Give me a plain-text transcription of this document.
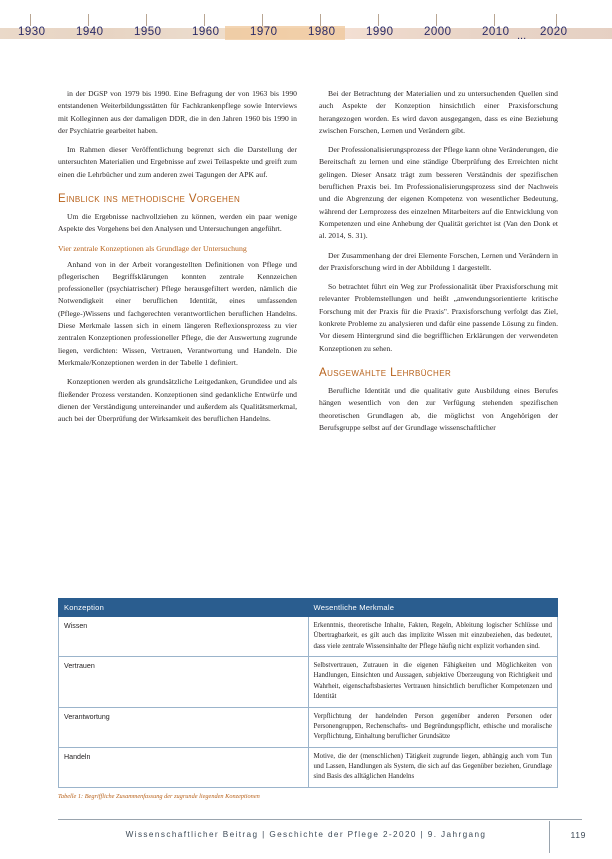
1930	1940	1950	1960	1970	1980	1990	2000	2010 ... 2020

in der DGSP von 1979 bis 1990. Eine Befragung der von 1963 bis 1990 entstandenen Weiterbildungsstätten für Fachkrankenpflege sowie Interviews mit Kolleginnen aus der damaligen DDR, die in den Jahren 1960 bis 1990 in der Psychiatrie gearbeitet haben.

Im Rahmen dieser Veröffentlichung begrenzt sich die Darstellung der untersuchten Materialien und Ergebnisse auf zwei Teilaspekte und greift zum einen die Lehrbücher und zum anderen zwei Tagungen der APK auf.

Einblick ins methodische Vorgehen

Um die Ergebnisse nachvollziehen zu können, werden ein paar wenige Aspekte des Vorgehens bei den Analysen und Untersuchungen angeführt.

Vier zentrale Konzeptionen als Grundlage der Untersuchung

Anhand von in der Arbeit vorangestellten Definitionen von Pflege und pflegerischen Begriffsklärungen konnten zentrale Kennzeichen professioneller (psychiatrischer) Pflege herausgefiltert werden, nämlich die Notwendigkeit einer beruflichen Identität, eines umfassenden (Pflege-)Wissens und fachgerechten verantwortlichen beruflichen Handelns. Diese Merkmale lassen sich in einem längeren Reflexionsprozess zu vier zentralen Konzeptionen professioneller Pflege, die der Auswertung zugrunde liegen, verdichten: Wissen, Vertrauen, Verantwortung und Handeln. Die Merkmale/Konzeptionen werden in der Tabelle 1 definiert.

Konzeptionen werden als grundsätzliche Leitgedanken, Grundidee und als fließender Prozess verstanden. Konzeptionen sind gedankliche Entwürfe und dienen der Verständigung untereinander und außerdem als Qualitätsmerkmal, auch bei der Überprüfung der Wirksamkeit des beruflichen Handelns.

Bei der Betrachtung der Materialien und zu untersuchenden Quellen sind auch Aspekte der Konzeption hinsichtlich einer Praxisforschung herangezogen worden. Es wird davon ausgegangen, dass es eine Beziehung zwischen Forschen, Lernen und Verändern gibt.

Der Professionalisierungsprozess der Pflege kann ohne Veränderungen, die Bereitschaft zu lernen und eine ständige Überprüfung des Erreichten nicht gelingen. Dieser Ansatz trägt zum besseren Verständnis der spezifischen beruflichen Praxis bei. Im Professionalisierungsprozess sind der Nachweis und die Abgrenzung der eigenen Kompetenz von wesentlicher Bedeutung, während der Lernprozess des einzelnen Mitarbeiters auf die Entwicklung von Kompetenzen und eine Anhebung der Qualität gerichtet ist (Van den Donk et al. 2014, S. 31).

Der Zusammenhang der drei Elemente Forschen, Lernen und Verändern in der Praxisforschung wird in der Abbildung 1 dargestellt.

So betrachtet führt ein Weg zur Professionalität über Praxisforschung mit relevanter Problemstellungen und heißt „anwendungsorientierte kritische Forschung mit der Praxis für die Praxis". Praxisforschung verfolgt das Ziel, konkrete Probleme zu analysieren und dafür eine passende Lösung zu finden. Vor diesem Hintergrund sind die begrifflichen Erklärungen der verwendeten Konzeptionen zu sehen.

Ausgewählte Lehrbücher

Berufliche Identität und die qualitativ gute Ausbildung eines Berufes hängen wesentlich von den zur Verfügung stehenden spezifischen theoretischen Grundlagen ab, die möglichst von Angehörigen der Berufsgruppe selbst auf der Grundlage wissenschaftlicher

Konzeption	Wesentliche Merkmale
Wissen	Erkenntnis, theoretische Inhalte, Fakten, Regeln, Ableitung logischer Schlüsse und Übertragbarkeit, es gilt auch das implizite Wissen mit einzubeziehen, das bedeutet, dass viele zentrale Wissensinhalte der Pflege häufig nicht explizit vorhanden sind.
Vertrauen	Selbstvertrauen, Zutrauen in die eigenen Fähigkeiten und Möglichkeiten von Handlungen, Einsichten und Aussagen, subjektive Überzeugung von Richtigkeit und Wahrheit, eigenschaftsbasiertes Vertrauen hinsichtlich beruflicher Kompetenzen und Identität
Verantwortung	Verpflichtung der handelnden Person gegenüber anderen Personen oder Personengruppen, Rechenschafts- und Begründungspflicht, ethische und moralische Verpflichtung, Einhaltung beruflicher Grundsätze
Handeln	Motive, die der (menschlichen) Tätigkeit zugrunde liegen, abhängig auch vom Tun und Lassen, Handlungen als System, die sich auf das Gegenüber beziehen, Grundlage sind Basis des alltäglichen Handelns
Tabelle 1: Begriffliche Zusammenfassung der zugrunde liegenden Konzeptionen
Wissenschaftlicher Beitrag | Geschichte der Pflege 2-2020 | 9. Jahrgang	119
